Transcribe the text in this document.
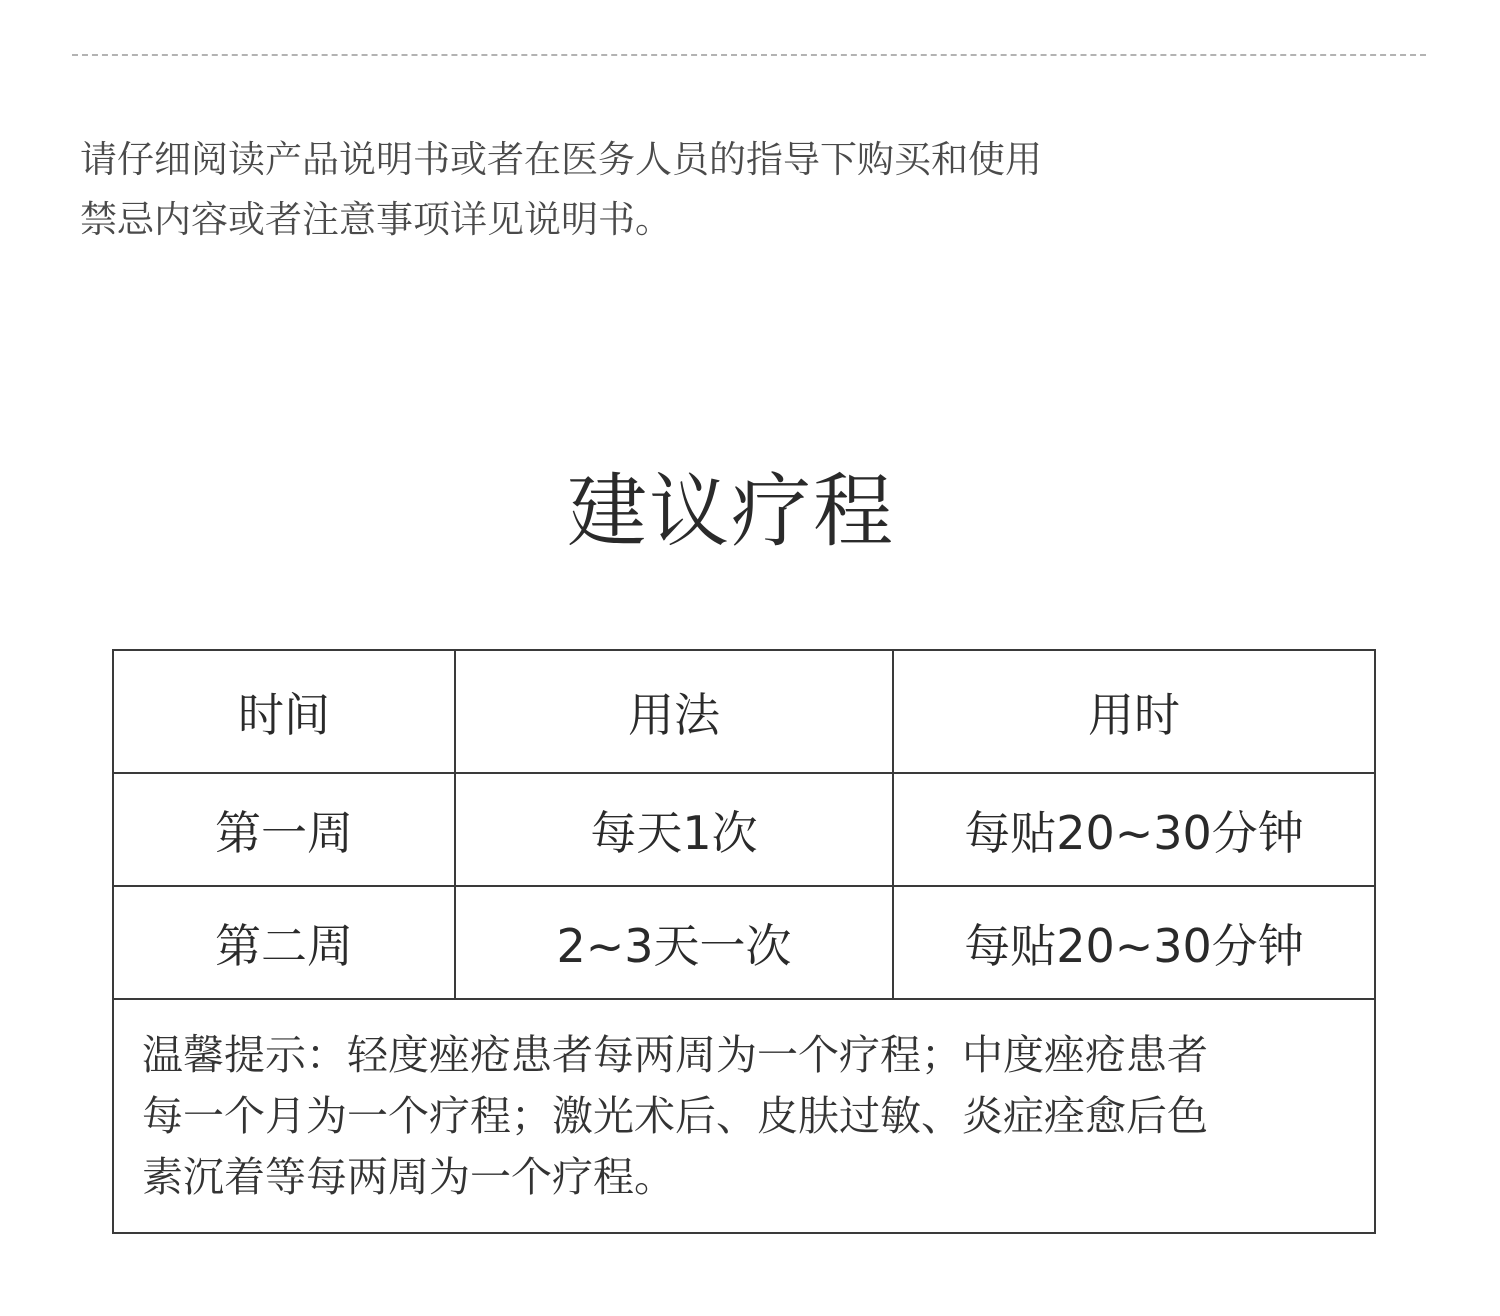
请仔细阅读产品说明书或者在医务人员的指导下购买和使用
禁忌内容或者注意事项详见说明书。
建议疗程
时间	用法	用时
第一周	每天1次	每贴20~30分钟
第二周	2~3天一次	每贴20~30分钟

温馨提示：轻度痤疮患者每两周为一个疗程；中度痤疮患者
每一个月为一个疗程；激光术后、皮肤过敏、炎症痊愈后色
素沉着等每两周为一个疗程。		
